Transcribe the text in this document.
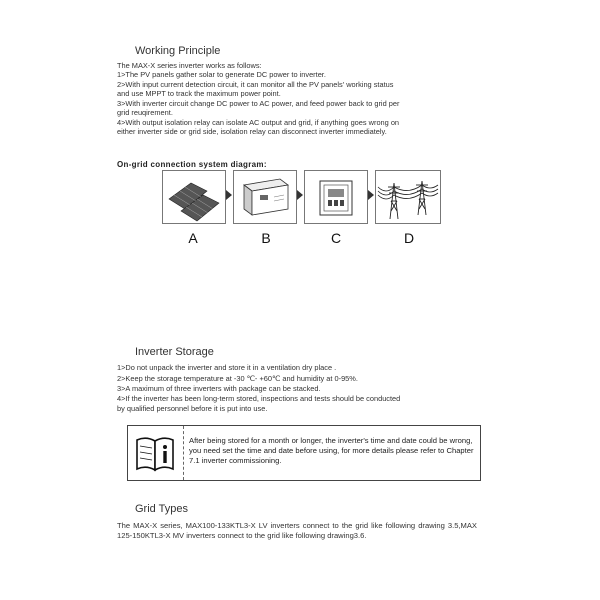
Working Principle

The MAX-X series inverter works as follows:

1>The PV panels gather solar to generate DC power to inverter.

2>With input current detection circuit, it can monitor all the PV panels' working status

and use MPPT to track the maximum power point.

3>With inverter circuit change DC power to AC power, and feed power back to grid per

grid reuqirement.

4>With output isolation relay can isolate AC output and grid, if anything goes wrong on

either inverter side or grid side, isolation relay can disconnect inverter immediately.

On-grid connection system diagram:
A	B	C	D
Inverter Storage

1>Do not unpack the inverter and store it in a ventilation dry place .

2>Keep the storage temperature at -30 ℃- +60℃ and humidity at 0-95%.

3>A maximum of three inverters with package can be stacked.

4>If the inverter has been long-term stored, inspections and tests should be conducted

by qualified personnel before it is put into use.

After being stored for a month or longer, the inverter's time and date could be wrong, you need set the time and date before using, for more details please refer to Chapter 7.1 inverter commissioning.
Grid Types
The MAX-X series, MAX100-133KTL3-X LV inverters connect to the grid like following drawing 3.5,MAX 125-150KTL3-X MV inverters connect to the grid like following drawing3.6.
